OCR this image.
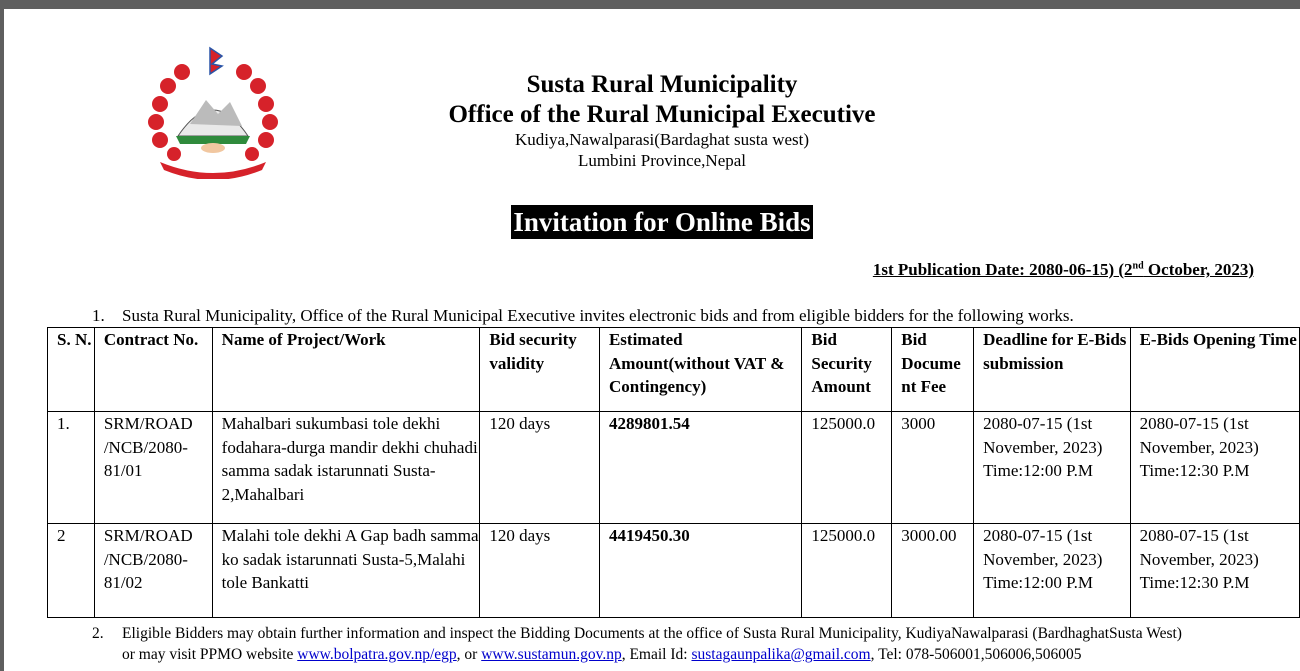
Susta Rural Municipality
Office of the Rural Municipal Executive
Kudiya,Nawalparasi(Bardaghat susta west)
Lumbini Province,Nepal
Invitation for Online Bids
1st Publication Date: 2080-06-15) (2nd October, 2023)
1. Susta Rural Municipality, Office of the Rural Municipal Executive invites electronic bids and from eligible bidders for the following works.
S. N.	Contract No.	Name of Project/Work	Bid security validity	Estimated Amount(without VAT & Contingency)	Bid Security Amount	Bid Docume nt Fee	Deadline for E-Bids submission	E-Bids Opening Time
1.	SRM/ROAD /NCB/2080-81/01	Mahalbari sukumbasi tole dekhi fodahara-durga mandir dekhi chuhadi samma sadak istarunnati Susta-2,Mahalbari	120 days	4289801.54	125000.0	3000	2080-07-15 (1st November, 2023) Time:12:00 P.M	2080-07-15 (1st November, 2023) Time:12:30 P.M
2	SRM/ROAD /NCB/2080-81/02	Malahi tole dekhi A Gap badh samma ko sadak istarunnati Susta-5,Malahi tole Bankatti	120 days	4419450.30	125000.0	3000.00	2080-07-15 (1st November, 2023) Time:12:00 P.M	2080-07-15 (1st November, 2023) Time:12:30 P.M
2. Eligible Bidders may obtain further information and inspect the Bidding Documents at the office of Susta Rural Municipality, KudiyaNawalparasi (BardhaghatSusta West)
or may visit PPMO website www.bolpatra.gov.np/egp, or www.sustamun.gov.np, Email Id: sustagaunpalika@gmail.com, Tel: 078-506001,506006,506005
